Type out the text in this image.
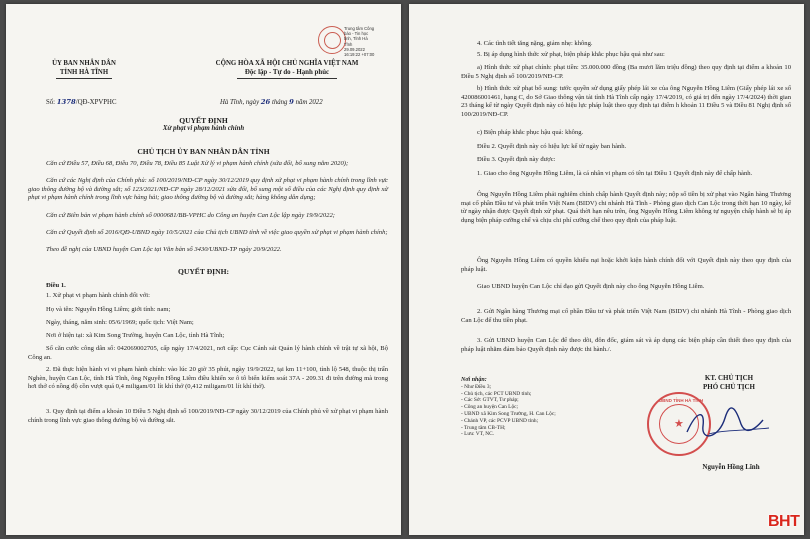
Trung tâm Công
báo - Tin học
tỉnh, Tỉnh Hà
Tĩnh
29.09.2022
16:19:22 +07:00
ỦY BAN NHÂN DÂN
TỈNH HÀ TĨNH
CỘNG HÒA XÃ HỘI CHỦ NGHĨA VIỆT NAM
Độc lập - Tự do - Hạnh phúc
Số: 1378/QĐ-XPVPHC	Hà Tĩnh, ngày 26 tháng 9 năm 2022
QUYẾT ĐỊNH
Xử phạt vi phạm hành chính
CHỦ TỊCH ỦY BAN NHÂN DÂN TỈNH
Căn cứ Điều 57, Điều 68, Điều 70, Điều 78, Điều 85 Luật Xử lý vi phạm hành chính (sửa đổi, bổ sung năm 2020);
Căn cứ các Nghị định của Chính phủ: số 100/2019/NĐ-CP ngày 30/12/2019 quy định xử phạt vi phạm hành chính trong lĩnh vực giao thông đường bộ và đường sắt; số 123/2021/NĐ-CP ngày 28/12/2021 sửa đổi, bổ sung một số điều của các Nghị định quy định xử phạt vi phạm hành chính trong lĩnh vực hàng hải; giao thông đường bộ và đường sắt; hàng không dân dụng;
Căn cứ Biên bản vi phạm hành chính số 0000681/BB-VPHC do Công an huyện Can Lộc lập ngày 19/9/2022;
Căn cứ Quyết định số 2016/QĐ-UBND ngày 10/5/2021 của Chủ tịch UBND tỉnh về việc giao quyền xử phạt vi phạm hành chính;
Theo đề nghị của UBND huyện Can Lộc tại Văn bản số 3430/UBND-TP ngày 20/9/2022.
QUYẾT ĐỊNH:
Điều 1.
1. Xử phạt vi phạm hành chính đối với:
Họ và tên: Nguyễn Hồng Liêm; giới tính: nam;
Ngày, tháng, năm sinh: 05/6/1969; quốc tịch: Việt Nam;
Nơi ở hiện tại: xã Kim Song Trường, huyện Can Lộc, tỉnh Hà Tĩnh;
Số căn cước công dân số: 042069002705, cấp ngày 17/4/2021, nơi cấp: Cục Cảnh sát Quản lý hành chính về trật tự xã hội, Bộ Công an.
2. Đã thực hiện hành vi vi phạm hành chính: vào lúc 20 giờ 35 phút, ngày 19/9/2022, tại km 11+100, tỉnh lộ 548, thuộc thị trấn Nghèn, huyện Can Lộc, tỉnh Hà Tĩnh, ông Nguyễn Hồng Liêm điều khiển xe ô tô biển kiểm soát 37A - 209.31 đi trên đường mà trong hơi thở có nồng độ cồn vượt quá 0,4 miligam/01 lít khí thở (0,412 miligam/01 lít khí thở).
3. Quy định tại điểm a khoản 10 Điều 5 Nghị định số 100/2019/NĐ-CP ngày 30/12/2019 của Chính phủ về xử phạt vi phạm hành chính trong lĩnh vực giao thông đường bộ và đường sắt.
4. Các tình tiết tăng nặng, giảm nhẹ: không.
5. Bị áp dụng hình thức xử phạt, biện pháp khắc phục hậu quả như sau:
a) Hình thức xử phạt chính: phạt tiền: 35.000.000 đồng (Ba mươi lăm triệu đồng) theo quy định tại điểm a khoản 10 Điều 5 Nghị định số 100/2019/NĐ-CP.
b) Hình thức xử phạt bổ sung: tước quyền sử dụng giấy phép lái xe của ông Nguyễn Hồng Liêm (Giấy phép lái xe số 420086001461, hạng C, do Sở Giao thông vận tải tỉnh Hà Tĩnh cấp ngày 17/4/2019, có giá trị đến ngày 17/4/2024) thời gian 23 tháng kể từ ngày Quyết định này có hiệu lực pháp luật theo quy định tại điểm h khoản 11 Điều 5 và Điều 81 Nghị định số 100/2019/NĐ-CP.
c) Biện pháp khắc phục hậu quả: không.
Điều 2. Quyết định này có hiệu lực kể từ ngày ban hành.
Điều 3. Quyết định này được:
1. Giao cho ông Nguyễn Hồng Liêm, là cá nhân vi phạm có tên tại Điều 1 Quyết định này để chấp hành.
Ông Nguyễn Hồng Liêm phải nghiêm chỉnh chấp hành Quyết định này; nộp số tiền bị xử phạt vào Ngân hàng Thương mại cổ phần Đầu tư và phát triển Việt Nam (BIDV) chi nhánh Hà Tĩnh - Phòng giao dịch Can Lộc trong thời hạn 10 ngày, kể từ ngày nhận được Quyết định xử phạt. Quá thời hạn nêu trên, ông Nguyễn Hồng Liêm không tự nguyện chấp hành sẽ bị áp dụng biện pháp cưỡng chế và chịu chi phí cưỡng chế theo quy định của pháp luật.
Ông Nguyễn Hồng Liêm có quyền khiếu nại hoặc khởi kiện hành chính đối với Quyết định này theo quy định của pháp luật.
Giao UBND huyện Can Lộc chỉ đạo gửi Quyết định này cho ông Nguyễn Hồng Liêm.
2. Gửi Ngân hàng Thương mại cổ phần Đầu tư và phát triển Việt Nam (BIDV) chi nhánh Hà Tĩnh - Phòng giao dịch Can Lộc để thu tiền phạt.
3. Gửi UBND huyện Can Lộc để theo dõi, đôn đốc, giám sát và áp dụng các biện pháp cần thiết theo quy định của pháp luật nhằm đảm bảo Quyết định này được thi hành./.
Nơi nhận:
- Như Điều 3;
- Chủ tịch, các PCT UBND tỉnh;
- Các Sở: GTVT, Tư pháp;
- Công an huyện Can Lộc;
- UBND xã Kim Song Trường, H. Can Lộc;
- Chánh VP, các PCVP UBND tỉnh;
- Trung tâm CB-TH;
- Lưu: VT, NC.
KT. CHỦ TỊCH
PHÓ CHỦ TỊCH
★
UBND TỈNH HÀ TĨNH
Nguyễn Hồng Lĩnh
BHT
